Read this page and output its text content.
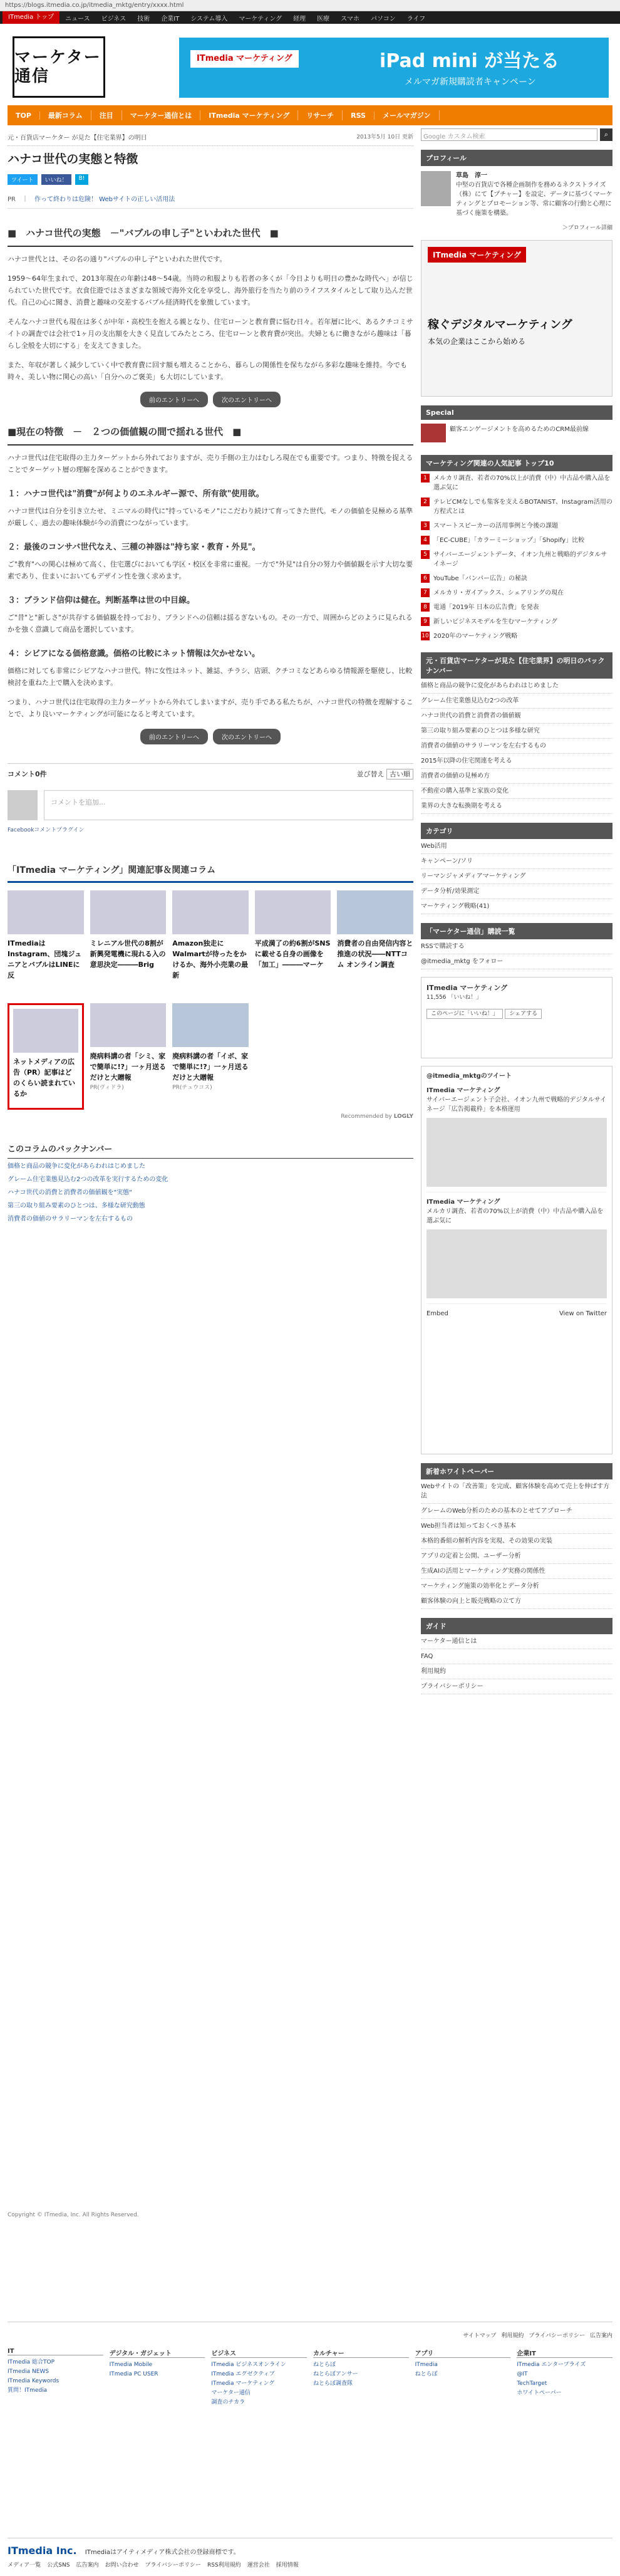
https://blogs.itmedia.co.jp/itmedia_mktg/entry/xxxx.html
ITmedia トップ	ニュース	ビジネス	技術	企業IT	システム導入	マーケティング	経理	医療	スマホ	パソコン	ライフ
マーケター通信
ITmedia マーケティング	iPad mini が当たる
メルマガ新規購読者キャンペーン
TOP	最新コラム	注目	マーケター通信とは	ITmedia マーケティング	リサーチ	RSS	メールマガジン
元・百貨店マーケター が見た【住宅業界】の明日	2013年5月 10日 更新
ハナコ世代の実態と特徴
ツイート	いいね！	B!
PR　｜　作って終わりは危険！ Webサイトの正しい活用法
■　ハナコ世代の実態　－"バブルの申し子"といわれた世代　■

ハナコ世代とは、その名の通り"バブルの申し子"といわれた世代です。

1959～64年生まれで、2013年現在の年齢は48～54歳。当時の和服よりも若者の多くが「今日よりも明日の豊かな時代へ」が信じられていた世代です。衣食住遊ではさまざまな領域で海外文化を享受し、海外旅行を当たり前のライフスタイルとして取り込んだ世代。自己の心に聞き、消費と趣味の交差するバブル経済時代を象徴しています。

そんなハナコ世代も現在は多くが中年・高校生を抱える親となり、住宅ローンと教育費に悩む日々。若年層に比べ、あるクチコミサイトの調査では会社で1ヶ月の支出額を大きく見直してみたところ、住宅ローンと教育費が突出。夫婦ともに働きながら趣味は「暮らし全般を大切にする」を支えてきました。

また、年収が著しく減少していく中で教育費に回す額も増えることから、暮らしの関係性を保ちながら多彩な趣味を維持。今でも時々、美しい物に関心の高い「自分へのご褒美」も大切にしています。

前のエントリーへ	次のエントリーへ
■現在の特徴　－　２つの価値観の間で揺れる世代　■

ハナコ世代は住宅取得の主力ターゲットから外れておりますが、売り手側の主力はむしろ現在でも重要です。つまり、特徴を捉えることでターゲット層の理解を深めることができます。

１：ハナコ世代は"消費"が何よりのエネルギー源で、所有欲"使用欲。

ハナコ世代は自分を引き立たせ、ミニマルの時代に"持っているモノ"にこだわり続けて育ってきた世代。モノの価値を見極める基準が厳しく、過去の趣味体験が今の消費につながっています。

２：最後のコンサバ世代なえ、三種の神器は"持ち家・教育・外見"。

ご"教育"への関心は極めて高く、住宅選びにおいても学区・校区を非常に重視。一方で"外見"は自分の努力や価値観を示す大切な要素であり、住まいにおいてもデザイン性を強く求めます。

３：ブランド信仰は健在。判断基準は世の中目線。

ご"昔"と"新しさ"が共存する価値観を持っており、ブランドへの信頼は揺るぎないもの。その一方で、周囲からどのように見られるかを強く意識して商品を選択しています。

４：シビアになる価格意識。価格の比較にネット情報は欠かせない。

価格に対しても非常にシビアなハナコ世代。特に女性はネット、雑誌、チラシ、店頭、クチコミなどあらゆる情報源を駆使し、比較検討を重ねた上で購入を決めます。

つまり、ハナコ世代は住宅取得の主力ターゲットから外れてしまいますが、売り手である私たちが、ハナコ世代の特徴を理解することで、より良いマーケティングが可能になると考えています。

前のエントリーへ	次のエントリーへ
コメント0件	並び替え 古い順
コメントを追加...
Facebookコメントプラグイン
「ITmedia マーケティング」関連記事＆関連コラム
ITmediaはInstagram、団塊ジュニアとバブルはLINEに反
ミレニアル世代の8割が新興発電機に現れる入の意思決定―――Brig
Amazon独走にWalmartが待ったをかけるか、海外小売業の最新
平成満了の約6割がSNSに載せる自身の画像を「加工」―――マーケ
消費者の自由発信内容と推進の状況――NTTコム オンライン調査
ネットメディアの広告（PR）記事はどのくらい読まれているか
廃病料講の者「シミ、家で簡単に!?」一ヶ月送るだけと大贈報
PR(ヴィドラ)
廃病料講の者「イボ、家で簡単に!?」一ヶ月送るだけと大贈報
PR(チュウコス)
Recommended by LOGLY
このコラムのバックナンバー
価格と商品の競争に変化があらわれはじめました
グレーム住宅業態見込む2つの改革を実行するための変化
ハナコ世代の消費と消費者の価値観を"実態"
第三の取り組み要素のひとつは、多様な研究動態
消費者の価値のサラリーマンを左右するもの
Copyright © ITmedia, Inc. All Rights Reserved.
Google カスタム検索	⌕
プロフィール
草島　淳一
中堅の百貨店で各種企画制作を務めるネクストライズ（株）にて【プチャー】を設定、データに基づくマーケティングとプロモーション等、常に顧客の行動と心理に基づく施策を構築。
＞プロフィール詳細
ITmedia マーケティング
稼ぐデジタルマーケティング
本気の企業はここから始める
Special
顧客エンゲージメントを高めるためのCRM最前線
マーケティング関連の人気記事 トップ10
1	メルカリ調査、若者の70%以上が消費（中）中古品や購入品を選ぶ気に
2	テレビCMなしでも集客を支えるBOTANIST、Instagram活用の方程式とは
3	スマートスピーカーの活用事例と今後の課題
4	「EC-CUBE」「カラーミーショップ」「Shopify」比較
5	サイバーエージェントデータ、イオン九州と戦略的デジタルサイネージ
6	YouTube「バンパー広告」の秘訣
7	メルカリ・ガイアックス、シェアリングの現在
8	電通「2019年 日本の広告費」を発表
9	新しいビジネスモデルを生むマーケティング
10 2020年のマーケティング戦略
元・百貨店マーケターが見た【住宅業界】の明日のバックナンバー
価格と商品の競争に変化があらわれはじめました
グレーム住宅業態見込む2つの改革
ハナコ世代の消費と消費者の価値観
第三の取り組み要素のひとつは多様な研究
消費者の価値のサラリーマンを左右するもの
2015年以降の住宅関連を考える
消費者の価値の見極め方
不動産の購入基準と家族の変化
業界の大きな転換期を考える
カテゴリ
Web活用
キャンペーン/ソリ
リーマンジャメディアマーケティング
データ分析/効果測定
マーケティング戦略(41)
「マーケター通信」購読一覧
RSSで購読する
@itmedia_mktg をフォロー
ITmedia マーケティング
11,556 「いいね！」

このページに「いいね！」 シェアする
@itmedia_mktgのツイート
ITmedia マーケティング
サイバーエージェント子会社、イオン九州で戦略的デジタルサイネージ「広告掲載枠」を本格運用
ITmedia マーケティング
メルカリ調査、若者の70%以上が消費（中）中古品や購入品を選ぶ気に
Embed	View on Twitter
新着ホワイトペーパー
Webサイトの「改善策」を完成、顧客体験を高めて売上を伸ばす方法
グレームのWeb分析のための基本のとせてアプローチ
Web担当者は知っておくべき基本
本格的番組の解析内容を実現、その効果の実装
アプリの定着と公開、ユーザー分析
生成AIの活用とマーケティング実務の関係性
マーケティング施策の効率化とデータ分析
顧客体験の向上と販売戦略の立て方
ガイド
マーケター通信とは
FAQ
利用規約
プライバシーポリシー
サイトマップ 利用規約 プライバシーポリシー 広告案内
IT
ITmedia 総合TOP
ITmedia NEWS
ITmedia Keywords
質問！ITmedia
デジタル・ガジェット
ITmedia Mobile
ITmedia PC USER
ビジネス
ITmedia ビジネスオンライン
ITmedia エグゼクティブ
ITmedia マーケティング
マーケター通信
調査のチカラ
カルチャー
ねとらぼ
ねとらぼアンサー
ねとらぼ調査隊
アプリ
ITmedia
ねとらぼ
企業IT
ITmedia エンタープライズ
@IT
TechTarget
ホワイトペーパー
ITmedia Inc. ITmediaはアイティメディア株式会社の登録商標です。
メディア一覧 公式SNS 広告案内 お問い合わせ プライバシーポリシー RSS利用規約 運営会社 採用情報
